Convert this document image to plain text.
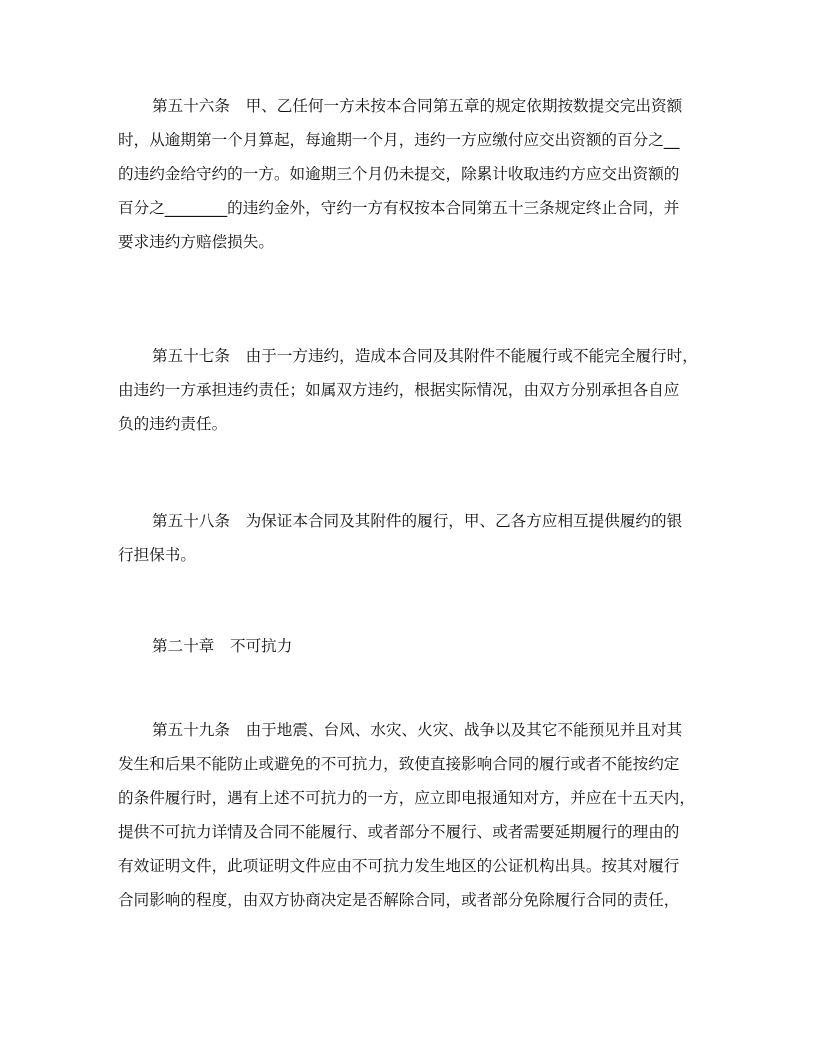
第五十六条　甲、乙任何一方未按本合同第五章的规定依期按数提交完出资额
时，从逾期第一个月算起，每逾期一个月，违约一方应缴付应交出资额的百分之__
的违约金给守约的一方。如逾期三个月仍未提交，除累计收取违约方应交出资额的
百分之________的违约金外，守约一方有权按本合同第五十三条规定终止合同，并
要求违约方赔偿损失。
第五十七条　由于一方违约，造成本合同及其附件不能履行或不能完全履行时，
由违约一方承担违约责任；如属双方违约，根据实际情况，由双方分别承担各自应
负的违约责任。
第五十八条　为保证本合同及其附件的履行，甲、乙各方应相互提供履约的银
行担保书。
第二十章　不可抗力
第五十九条　由于地震、台风、水灾、火灾、战争以及其它不能预见并且对其
发生和后果不能防止或避免的不可抗力，致使直接影响合同的履行或者不能按约定
的条件履行时，遇有上述不可抗力的一方，应立即电报通知对方，并应在十五天内，
提供不可抗力详情及合同不能履行、或者部分不履行、或者需要延期履行的理由的
有效证明文件，此项证明文件应由不可抗力发生地区的公证机构出具。按其对履行
合同影响的程度，由双方协商决定是否解除合同，或者部分免除履行合同的责任，
